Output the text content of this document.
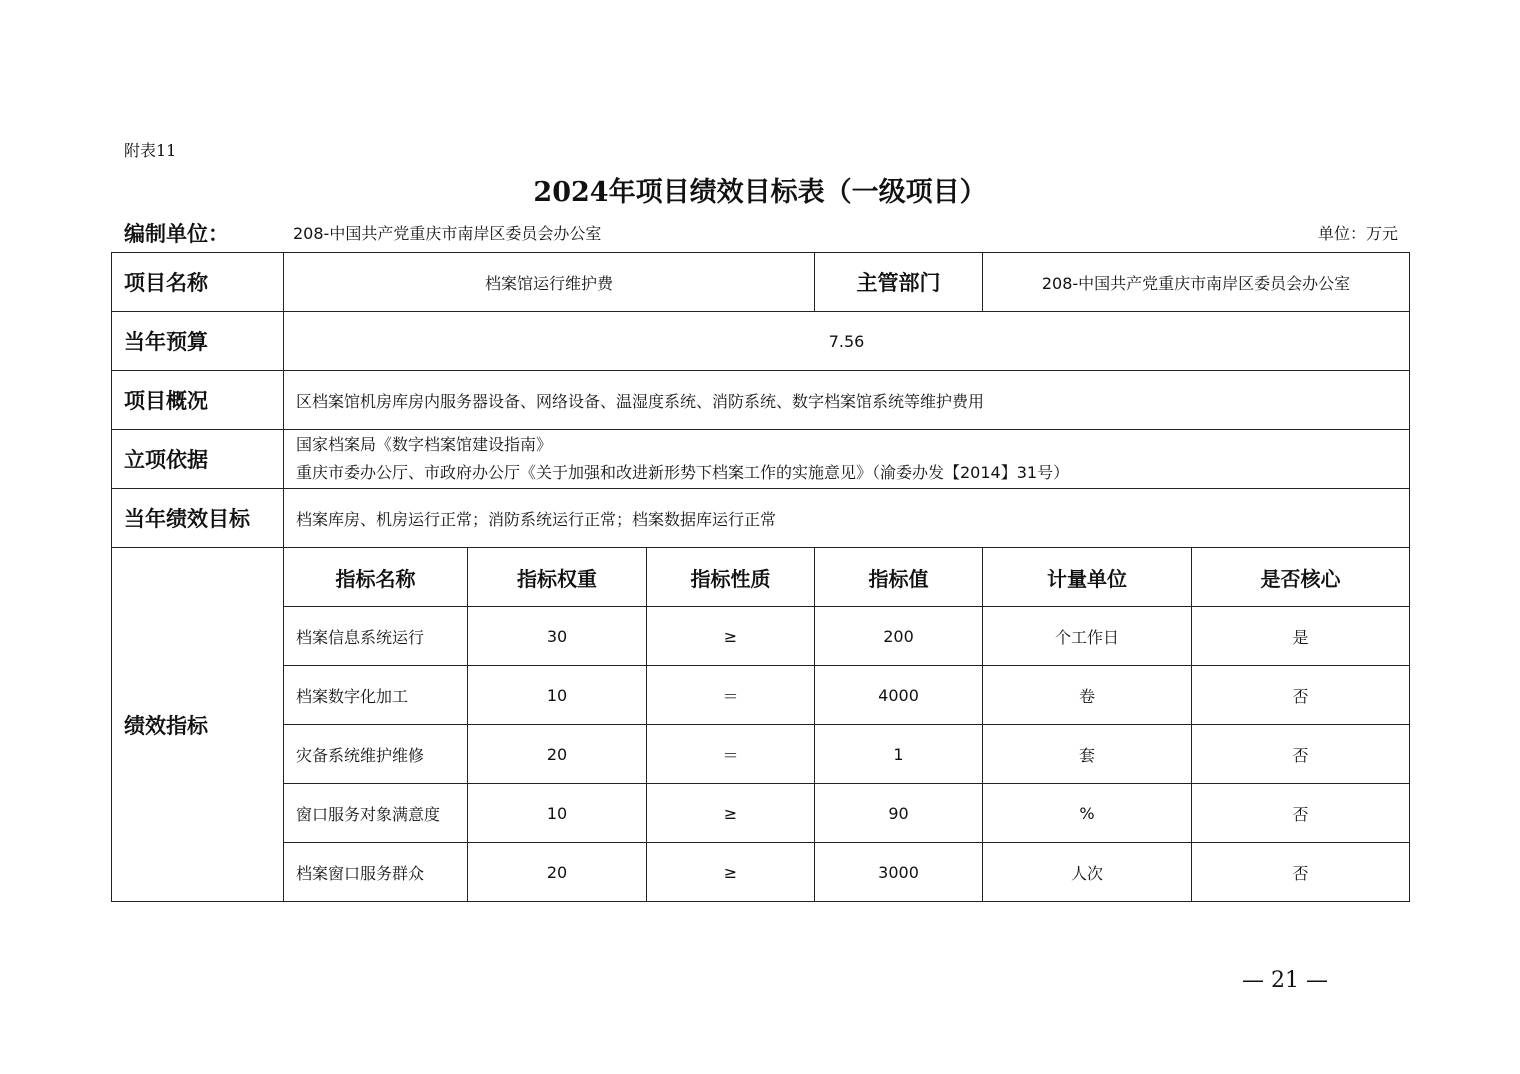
附表11
2024年项目绩效目标表（一级项目）
编制单位：	208-中国共产党重庆市南岸区委员会办公室	单位：万元
项目名称	档案馆运行维护费			主管部门	208-中国共产党重庆市南岸区委员会办公室	
当年预算	7.56					
项目概况	区档案馆机房库房内服务器设备、网络设备、温湿度系统、消防系统、数字档案馆系统等维护费用					
立项依据	国家档案局《数字档案馆建设指南》
重庆市委办公厅、市政府办公厅《关于加强和改进新形势下档案工作的实施意见》（渝委办发【2014】31号）					

当年绩效目标	档案库房、机房运行正常；消防系统运行正常；档案数据库运行正常					
绩效指标	指标名称	指标权重	指标性质	指标值	计量单位	是否核心
	档案信息系统运行	30	≥	200	个工作日	是
	档案数字化加工	10	＝	4000	卷	否
	灾备系统维护维修	20	＝	1	套	否
	窗口服务对象满意度	10	≥	90	%	否
	档案窗口服务群众	20	≥	3000	人次	否
— 21 —
